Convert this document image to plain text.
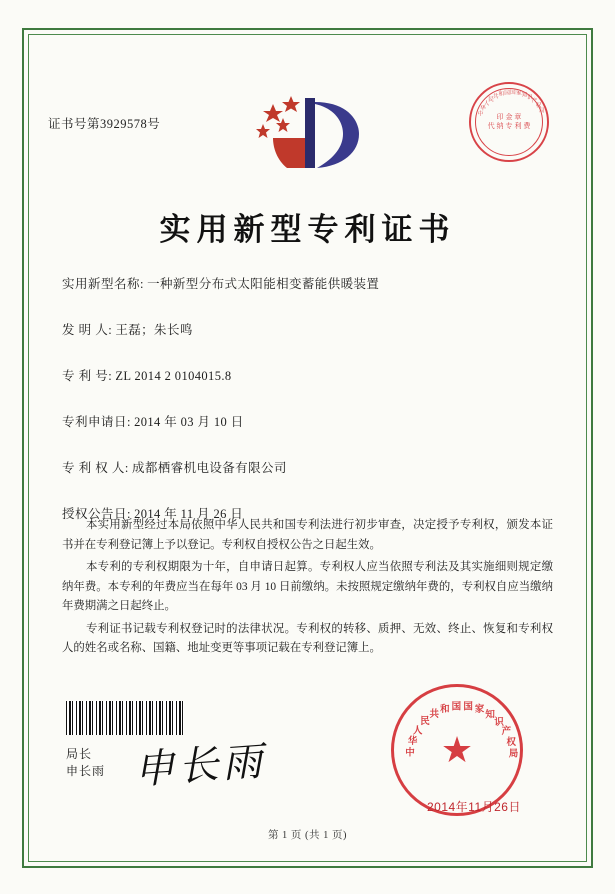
证书号第3929578号
中
华
人
民
共 和 国 国 家 知 识
产
权
局
印 金 章
代 纳 专 利 费
实用新型专利证书
实用新型名称: 一种新型分布式太阳能相变蓄能供暖装置
发 明 人: 王磊；朱长鸣
专 利 号: ZL 2014 2 0104015.8
专利申请日: 2014 年 03 月 10 日
专 利 权 人: 成都栖睿机电设备有限公司
授权公告日: 2014 年 11 月 26 日

本实用新型经过本局依照中华人民共和国专利法进行初步审查，决定授予专利权，颁发本证书并在专利登记簿上予以登记。专利权自授权公告之日起生效。

本专利的专利权期限为十年，自申请日起算。专利权人应当依照专利法及其实施细则规定缴纳年费。本专利的年费应当在每年 03 月 10 日前缴纳。未按照规定缴纳年费的，专利权自应当缴纳年费期满之日起终止。

专利证书记载专利权登记时的法律状况。专利权的转移、质押、无效、终止、恢复和专利权人的姓名或名称、国籍、地址变更等事项记载在专利登记簿上。

局长
申长雨 申长雨	中
华
人
民
共 和 国 国 家 知
识
产
权
局
★
2014年11月26日
第 1 页 (共 1 页)
